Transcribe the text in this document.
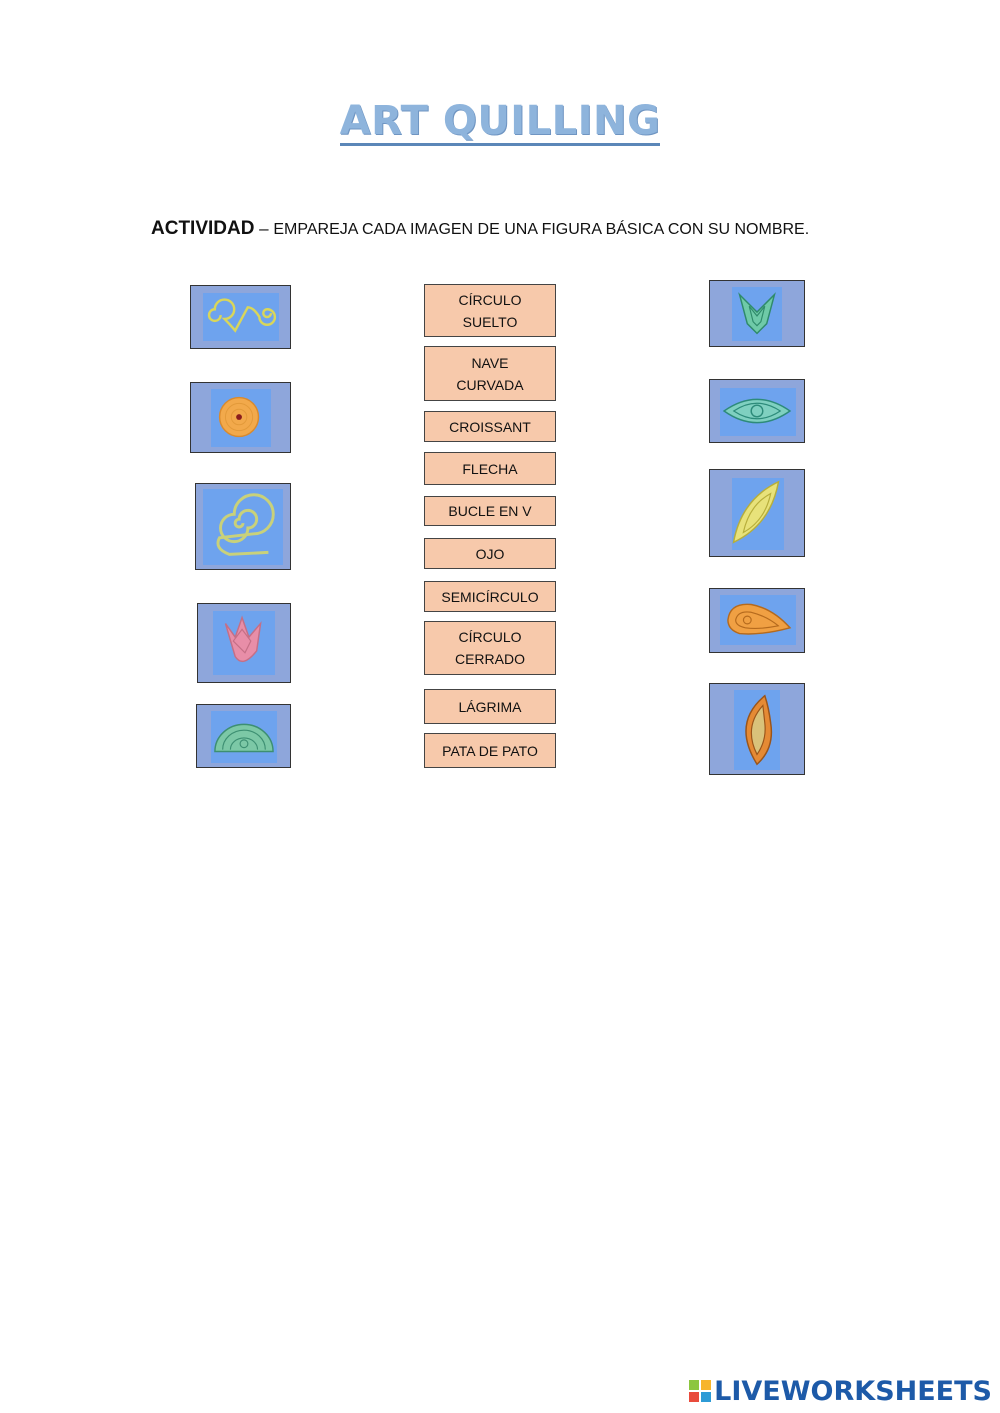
ART QUILLING
ACTIVIDAD – EMPAREJA CADA IMAGEN DE UNA FIGURA BÁSICA CON SU NOMBRE.
CÍRCULO
SUELTO
NAVE
CURVADA
CROISSANT
FLECHA
BUCLE EN V
OJO
SEMICÍRCULO
CÍRCULO
CERRADO
LÁGRIMA
PATA DE PATO
LIVEWORKSHEETS
